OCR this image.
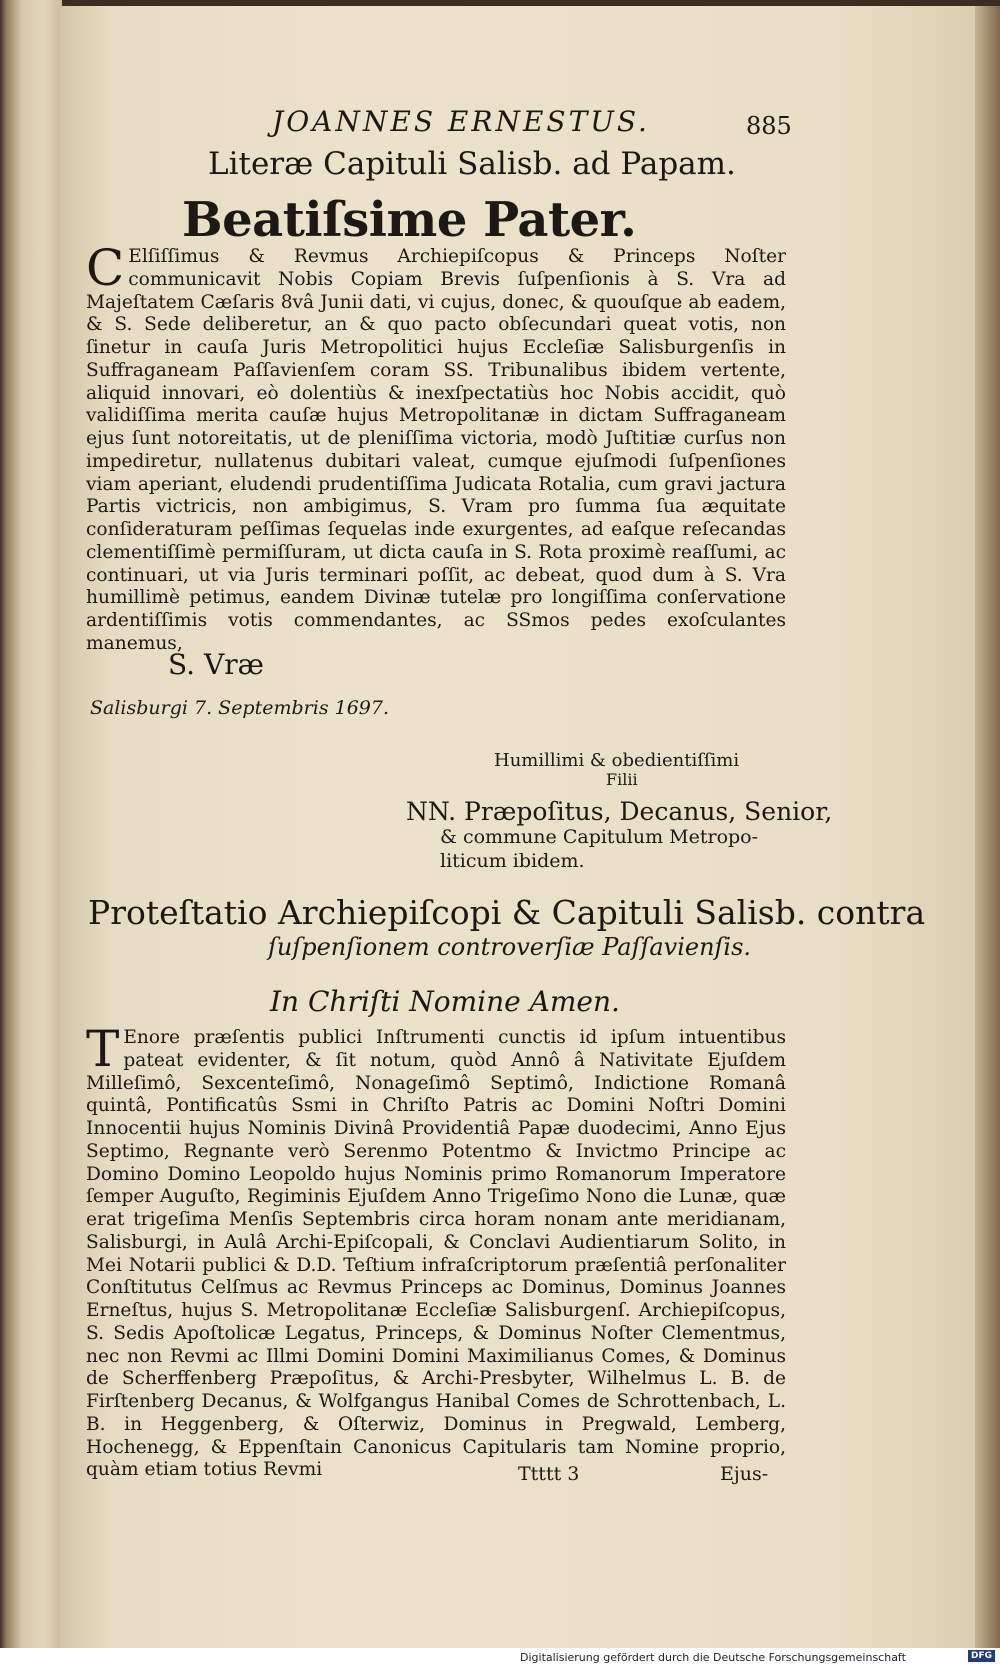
JOANNES ERNESTUS.	885
Literæ Capituli Salisb. ad Papam.
Beatiſsime Pater.
C Elſiſſimus & Revmus Archiepiſcopus & Princeps Noſter communicavit Nobis Copiam Brevis ſuſpenſionis à S. Vra ad Majeſtatem Cæſaris 8vâ Junii dati, vi cujus, donec, & quouſque ab eadem, & S. Sede deliberetur, an & quo pacto obſecundari queat votis, non ſinetur in cauſa Juris Metropolitici hujus Eccleſiæ Salisburgenſis in Suffraganeam Paſſavienſem coram SS. Tribunalibus ibidem vertente, aliquid innovari, eò dolentiùs & inexſpectatiùs hoc Nobis accidit, quò validiſſima merita cauſæ hujus Metropolitanæ in dictam Suffraganeam ejus ſunt notoreitatis, ut de pleniſſima victoria, modò Juſtitiæ curſus non impediretur, nullatenus dubitari valeat, cumque ejuſmodi ſuſpenſiones viam aperiant, eludendi prudentiſſima Judicata Rotalia, cum gravi jactura Partis victricis, non ambigimus, S. Vram pro ſumma ſua æquitate conſideraturam peſſimas ſequelas inde exurgentes, ad eaſque reſecandas clementiſſimè permiſſuram, ut dicta cauſa in S. Rota proximè reaſſumi, ac continuari, ut via Juris terminari poſſit, ac debeat, quod dum à S. Vra humillimè petimus, eandem Divinæ tutelæ pro longiſſima conſervatione ardentiſſimis votis commendantes, ac SSmos pedes exoſculantes manemus,
S. Vræ
Salisburgi 7. Septembris 1697.
Humillimi & obedientiſſimi
Filii
NN. Præpoſitus, Decanus, Senior,
& commune Capitulum Metropo-
liticum ibidem.
Proteſtatio Archiepiſcopi & Capituli Salisb. contra
ſuſpenſionem controverſiæ Paſſavienſis.
In Chriſti Nomine Amen.
T Enore præſentis publici Inſtrumenti cunctis id ipſum intuentibus pateat evidenter, & ſit notum, quòd Annô â Nativitate Ejuſdem Milleſimô, Sexcenteſimô, Nonageſimô Septimô, Indictione Romanâ quintâ, Pontificatûs Ssmi in Chriſto Patris ac Domini Noſtri Domini Innocentii hujus Nominis Divinâ Providentiâ Papæ duodecimi, Anno Ejus Septimo, Regnante verò Serenmo Potentmo & Invictmo Principe ac Domino Domino Leopoldo hujus Nominis primo Romanorum Imperatore ſemper Auguſto, Regiminis Ejuſdem Anno Trigeſimo Nono die Lunæ, quæ erat trigeſima Menſis Septembris circa horam nonam ante meridianam, Salisburgi, in Aulâ Archi-Epiſcopali, & Conclavi Audientiarum Solito, in Mei Notarii publici & D.D. Teſtium infraſcriptorum præſentiâ perſonaliter Conſtitutus Celſmus ac Revmus Princeps ac Dominus, Dominus Joannes Erneſtus, hujus S. Metropolitanæ Eccleſiæ Salisburgenſ. Archiepiſcopus, S. Sedis Apoſtolicæ Legatus, Princeps, & Dominus Noſter Clementmus, nec non Revmi ac Illmi Domini Domini Maximilianus Comes, & Dominus de Scherffenberg Præpoſitus, & Archi-Presbyter, Wilhelmus L. B. de Firſtenberg Decanus, & Wolfgangus Hanibal Comes de Schrottenbach, L. B. in Heggenberg, & Oſterwiz, Dominus in Pregwald, Lemberg, Hochenegg, & Eppenſtain Canonicus Capitularis tam Nomine proprio, quàm etiam totius Revmi	Ttttt 3	Ejus-
Digitalisierung gefördert durch die Deutsche Forschungsgemeinschaft	DFG
